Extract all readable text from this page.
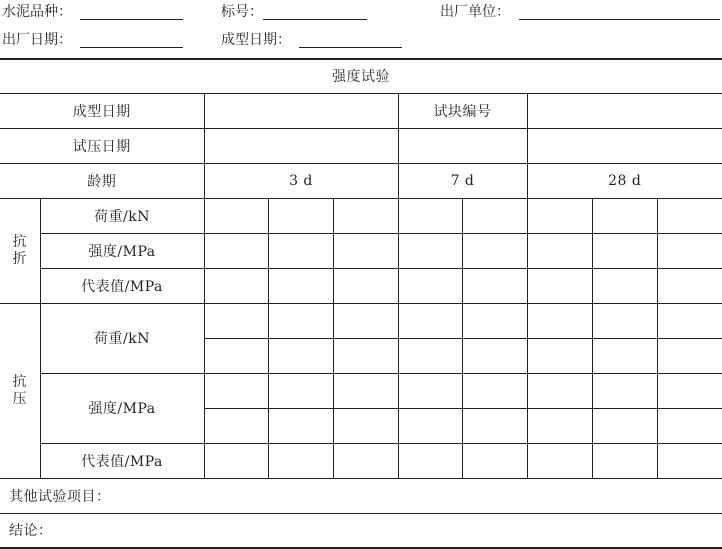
水泥品种：	标号：	出厂单位：
出厂日期：	成型日期：
强度试验									
成型日期					试块编号				
试压日期									
龄期		3 d			7 d		28 d		
抗折	荷重/kN								
	强度/MPa								
	代表值/MPa								
抗压	荷重/kN								

	强度/MPa								

	代表值/MPa								
其他试验项目：									
结论：									
